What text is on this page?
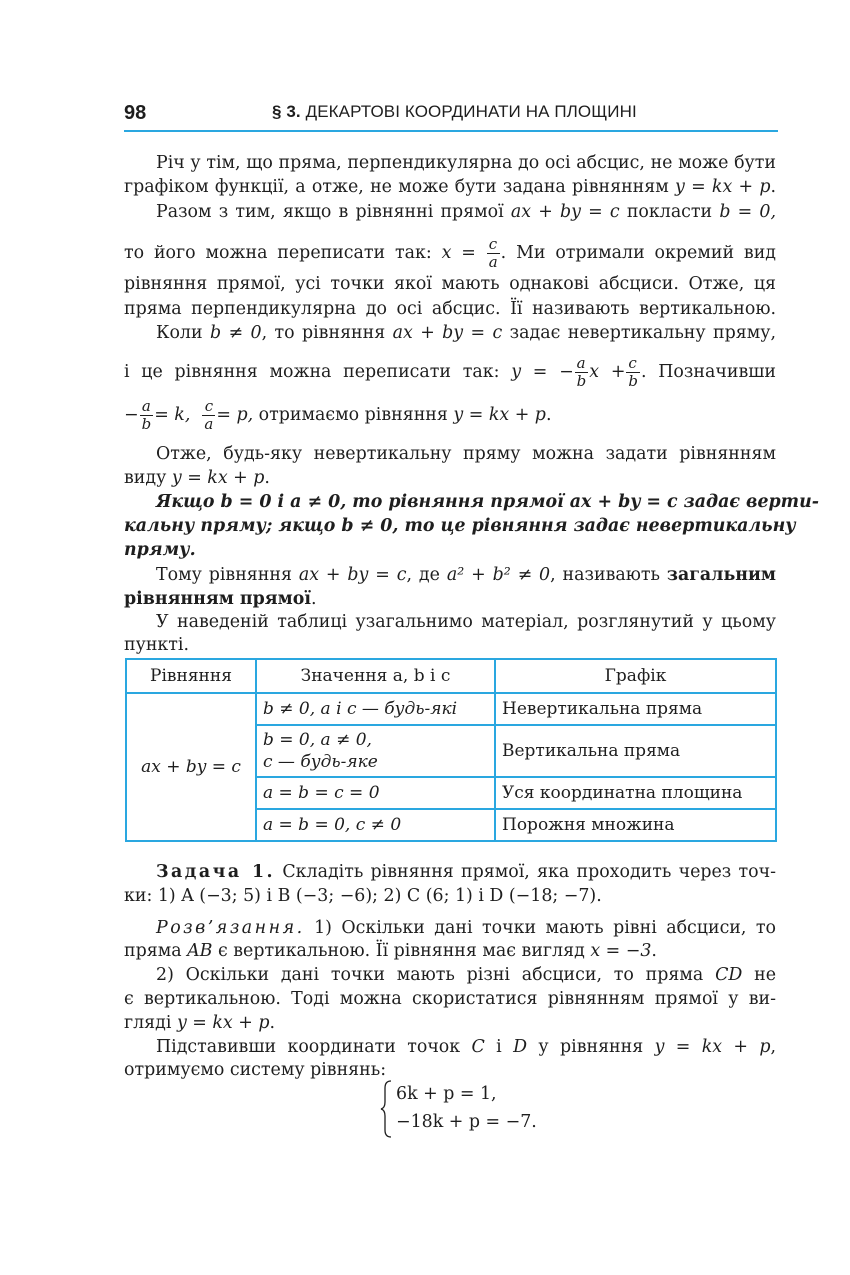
98	§ 3. ДЕКАРТОВІ КООРДИНАТИ НА ПЛОЩИНІ
Річ у тім, що пряма, перпендикулярна до осі абсцис, не може бути
графіком функції, а отже, не може бути задана рівнянням y = kx + p.
Разом з тим, якщо в рівнянні прямої ax + by = c покласти b = 0,
то його можна переписати так: $x = \frac{c}{a}$ . Ми отримали окремий вид
рівняння прямої, усі точки якої мають однакові абсциси. Отже, ця
пряма перпендикулярна до осі абсцис. Її називають вертикальною.
Коли b ≠ 0, то рівняння ax + by = c задає невертикальну пряму,
і це рівняння можна переписати так: y = − $\frac{a}{b}$ $x + \frac{c}{b}$ . Позначивши
− $\frac{a}{b} = k$, $\frac{c}{a} = p$, отримаємо рівняння y = kx + p.
Отже, будь-яку невертикальну пряму можна задати рівнянням
виду y = kx + p.
Якщо b = 0 і a ≠ 0, то рівняння прямої ax + by = c задає верти-
кальну пряму; якщо b ≠ 0, то це рівняння задає невертикальну
пряму.
Тому рівняння ax + by = c, де a² + b² ≠ 0, називають загальним
рівнянням прямої.
У наведеній таблиці узагальнимо матеріал, розглянутий у цьому
пункті.
Рівняння	Значення a, b і c	Графік
ax + by = c	b ≠ 0, a і c — будь-які	Невертикальна пряма
	b = 0, a ≠ 0,
c — будь-яке	Вертикальна пряма
	a = b = c = 0	Уся координатна площина
	a = b = 0, c ≠ 0	Порожня множина
Задача 1. Складіть рівняння прямої, яка проходить через точ-
ки: 1) A (−3; 5) і B (−3; −6); 2) C (6; 1) і D (−18; −7).
Розв’язання. 1) Оскільки дані точки мають рівні абсциси, то
пряма AB є вертикальною. Її рівняння має вигляд x = −3.
2) Оскільки дані точки мають різні абсциси, то пряма CD не
є вертикальною. Тоді можна скористатися рівнянням прямої у ви-
гляді y = kx + p.
Підставивши координати точок C і D у рівняння y = kx + p,
отримуємо систему рівнянь:
6k + p = 1,
−18k + p = −7.
